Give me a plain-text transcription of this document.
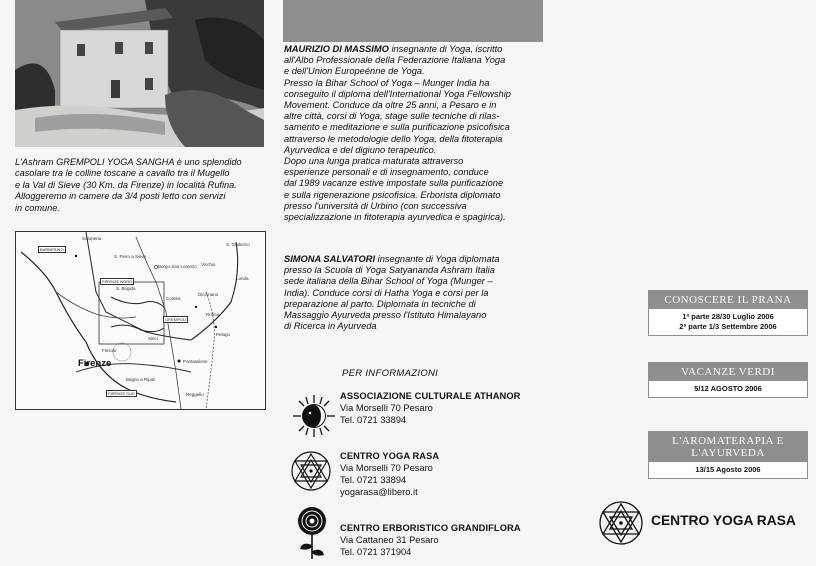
L'Ashram GREMPOLI YOGA SANGHA è uno splendido
casolare tra le colline toscane a cavallo tra il Mugello
e la Val di Sieve (30 Km. da Firenze) in località Rufina.
Alloggeremo in camere da 3/4 posti letto con servizi
in comune.
BARBERINO
Borgo San Lorenzo
S. Piero a Sieve
Vicchio
Scarperia
Dicomano
Contea
Rufina
Pontassieve
Fiesole
S. Brigida
Sieci
Bagno a Ripoli
Reggello
Londa
Pelago
S. Godenzo
FIRENZE NORD
GREMPOLI
FIRENZE SUD
Firenze
MAURIZIO DI MASSIMO insegnante di Yoga, iscritto
all'Albo Professionale della Federazione Italiana Yoga
e dell'Union Europeénne de Yoga.
Presso la Bihar School of Yoga – Munger India ha
conseguito il diploma dell'International Yoga Fellowship
Movement. Conduce da oltre 25 anni, a Pesaro e in
altre città, corsi di Yoga, stage sulle tecniche di rilas-
samento e meditazione e sulla purificazione psicofisica
attraverso le metodologie dello Yoga, della fitoterapia
Ayurvedica e del digiuno terapeutico.
Dopo una lunga pratica maturata attraverso
esperienze personali e di insegnamento, conduce
dal 1989 vacanze estive impostate sulla purificazione
e sulla rigenerazione psicofisica. Erborista diplomato
presso l'università di Urbino (con successiva
specializzazione in fitoterapia ayurvedica e spagirica).
SIMONA SALVATORI insegnante di Yoga diplomata
presso la Scuola di Yoga Satyananda Ashram Italia
sede italiana della Bihar School of Yoga (Munger –
India). Conduce corsi di Hatha Yoga e corsi per la
preparazione al parto. Diplomata in tecniche di
Massaggio Ayurveda presso l'Istituto Himalayano
di Ricerca in Ayurveda
PER INFORMAZIONI
ASSOCIAZIONE CULTURALE ATHANOR
Via Morselli 70 Pesaro
Tel. 0721 33894
CENTRO YOGA RASA
Via Morselli 70 Pesaro
Tel. 0721 33894
yogarasa@libero.it
CENTRO ERBORISTICO GRANDIFLORA
Via Cattaneo 31 Pesaro
Tel. 0721 371904
CONOSCERE IL PRANA
1ª parte 28/30 Luglio 2006
2ª parte 1/3 Settembre 2006
VACANZE VERDI
5/12 AGOSTO 2006
L'AROMATERAPIA E L'AYURVEDA
13/15 Agosto 2006
CENTRO YOGA RASA
